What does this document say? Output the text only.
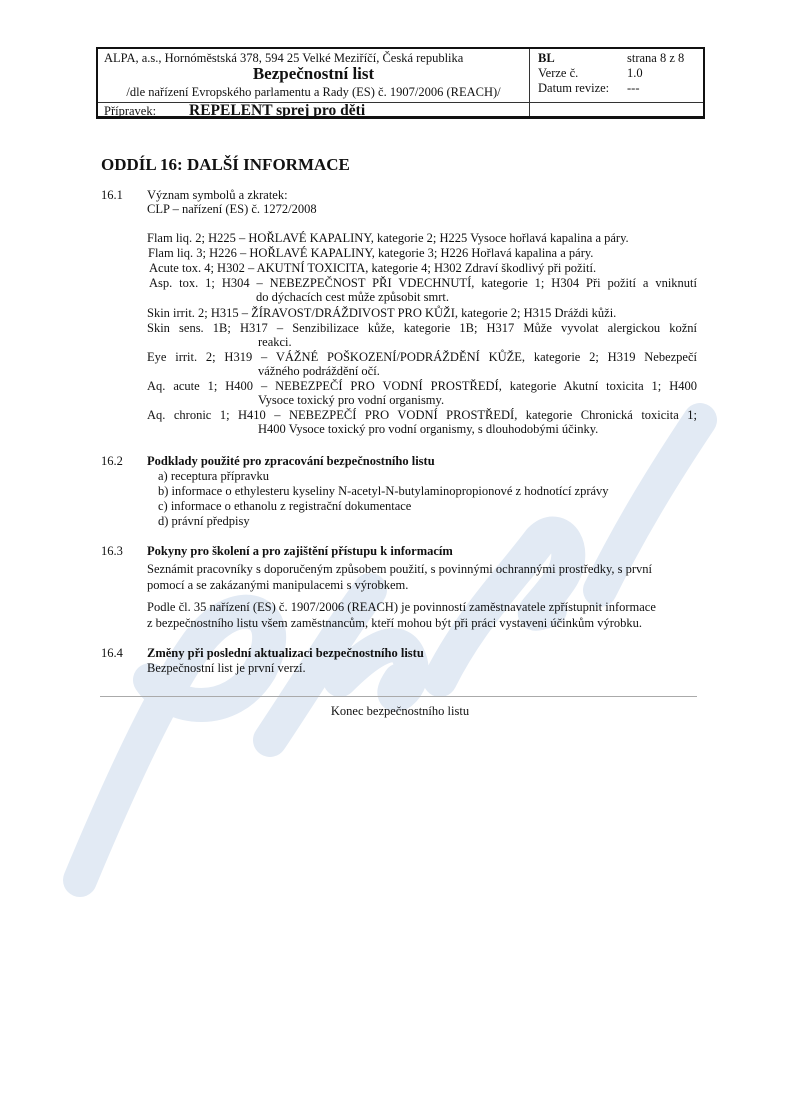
ALPA, a.s., Hornóměstská 378, 594 25 Velké Meziříčí, Česká republika
Bezpečnostní list
/dle nařízení Evropského parlamentu a Rady (ES) č. 1907/2006 (REACH)/
Přípravek: REPELENT sprej pro děti
BL	strana 8 z 8
Verze č.	1.0
Datum revize: ---
ODDÍL 16: DALŠÍ INFORMACE
16.1 Význam symbolů a zkratek:
CLP – nařízení (ES) č. 1272/2008
Flam liq. 2; H225 – HOŘLAVÉ KAPALINY, kategorie 2; H225 Vysoce hořlavá kapalina a páry.
Flam liq. 3; H226 – HOŘLAVÉ KAPALINY, kategorie 3; H226 Hořlavá kapalina a páry.
Acute tox. 4; H302 – AKUTNÍ TOXICITA, kategorie 4; H302 Zdraví škodlivý při požití.
Asp. tox. 1; H304 – NEBEZPEČNOST PŘI VDECHNUTÍ, kategorie 1; H304 Při požití a vniknutí
do dýchacích cest může způsobit smrt.
Skin irrit. 2; H315 – ŽÍRAVOST/DRÁŽDIVOST PRO KŮŽI, kategorie 2; H315 Dráždi kůži.
Skin sens. 1B; H317 – Senzibilizace kůže, kategorie 1B; H317 Může vyvolat alergickou kožní
reakci.
Eye irrit. 2; H319 – VÁŽNÉ POŠKOZENÍ/PODRÁŽDĚNÍ KŮŽE, kategorie 2; H319 Nebezpečí
vážného podráždění očí.
Aq. acute 1; H400 – NEBEZPEČÍ PRO VODNÍ PROSTŘEDÍ, kategorie Akutní toxicita 1; H400
Vysoce toxický pro vodní organismy.
Aq. chronic 1; H410 – NEBEZPEČÍ PRO VODNÍ PROSTŘEDÍ, kategorie Chronická toxicita 1;
H400 Vysoce toxický pro vodní organismy, s dlouhodobými účinky.
16.2 Podklady použité pro zpracování bezpečnostního listu
a) receptura přípravku
b) informace o ethylesteru kyseliny N-acetyl-N-butylaminopropionové z hodnotící zprávy
c) informace o ethanolu z registrační dokumentace
d) právní předpisy
16.3 Pokyny pro školení a pro zajištění přístupu k informacím
Seznámit pracovníky s doporučeným způsobem použití, s povinnými ochrannými prostředky, s první
pomocí a se zakázanými manipulacemi s výrobkem.
Podle čl. 35 nařízení (ES) č. 1907/2006 (REACH) je povinností zaměstnavatele zpřístupnit informace
z bezpečnostního listu všem zaměstnancům, kteří mohou být při práci vystaveni účinkům výrobku.
16.4 Změny při poslední aktualizaci bezpečnostního listu
Bezpečnostní list je první verzí.
Konec bezpečnostního listu
